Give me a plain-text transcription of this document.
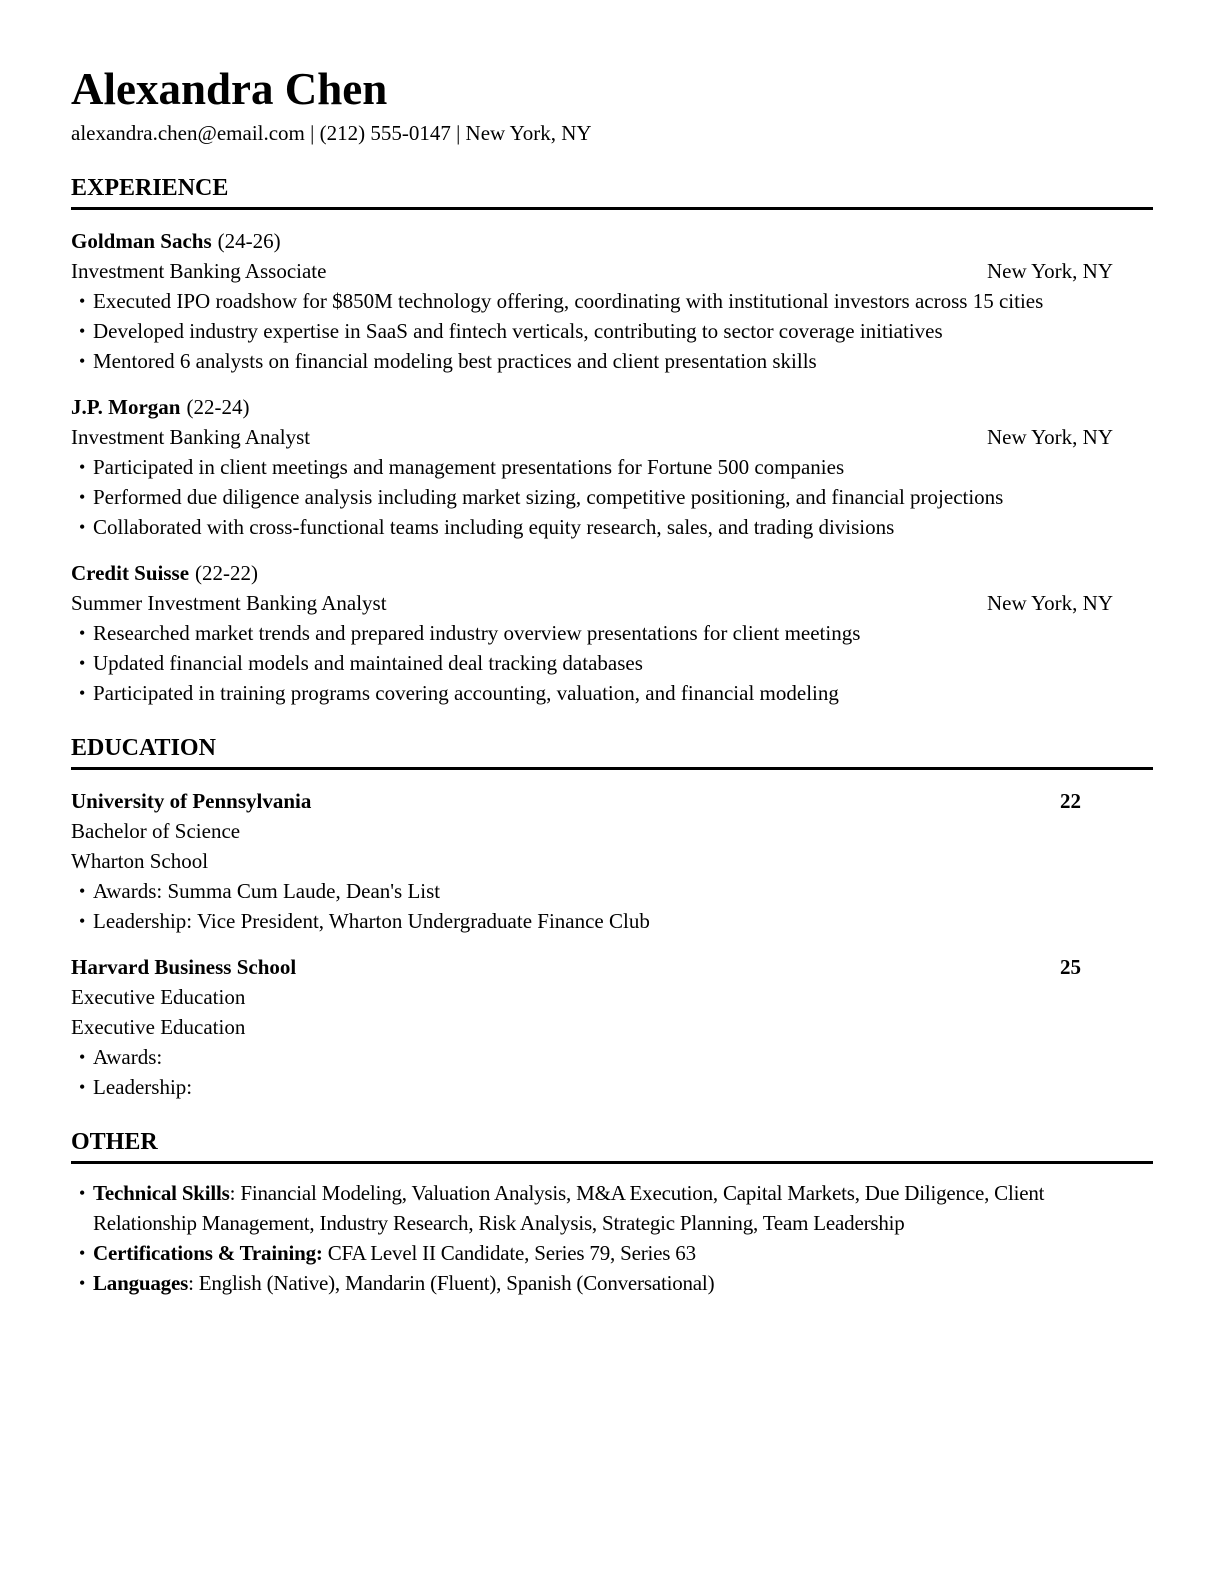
Alexandra Chen
alexandra.chen@email.com | (212) 555-0147 | New York, NY
EXPERIENCE
Goldman Sachs (24-26)
Investment Banking Associate	New York, NY
• Executed IPO roadshow for $850M technology offering, coordinating with institutional investors across 15 cities
• Developed industry expertise in SaaS and fintech verticals, contributing to sector coverage initiatives
• Mentored 6 analysts on financial modeling best practices and client presentation skills
J.P. Morgan (22-24)
Investment Banking Analyst	New York, NY
• Participated in client meetings and management presentations for Fortune 500 companies
• Performed due diligence analysis including market sizing, competitive positioning, and financial projections
• Collaborated with cross-functional teams including equity research, sales, and trading divisions
Credit Suisse (22-22)
Summer Investment Banking Analyst	New York, NY
• Researched market trends and prepared industry overview presentations for client meetings
• Updated financial models and maintained deal tracking databases
• Participated in training programs covering accounting, valuation, and financial modeling
EDUCATION
University of Pennsylvania	22
Bachelor of Science
Wharton School
• Awards: Summa Cum Laude, Dean's List
• Leadership: Vice President, Wharton Undergraduate Finance Club
Harvard Business School	25
Executive Education
Executive Education
• Awards:
• Leadership:
OTHER
• Technical Skills: Financial Modeling, Valuation Analysis, M&A Execution, Capital Markets, Due Diligence, Client Relationship Management, Industry Research, Risk Analysis, Strategic Planning, Team Leadership
• Certifications & Training: CFA Level II Candidate, Series 79, Series 63
• Languages: English (Native), Mandarin (Fluent), Spanish (Conversational)
